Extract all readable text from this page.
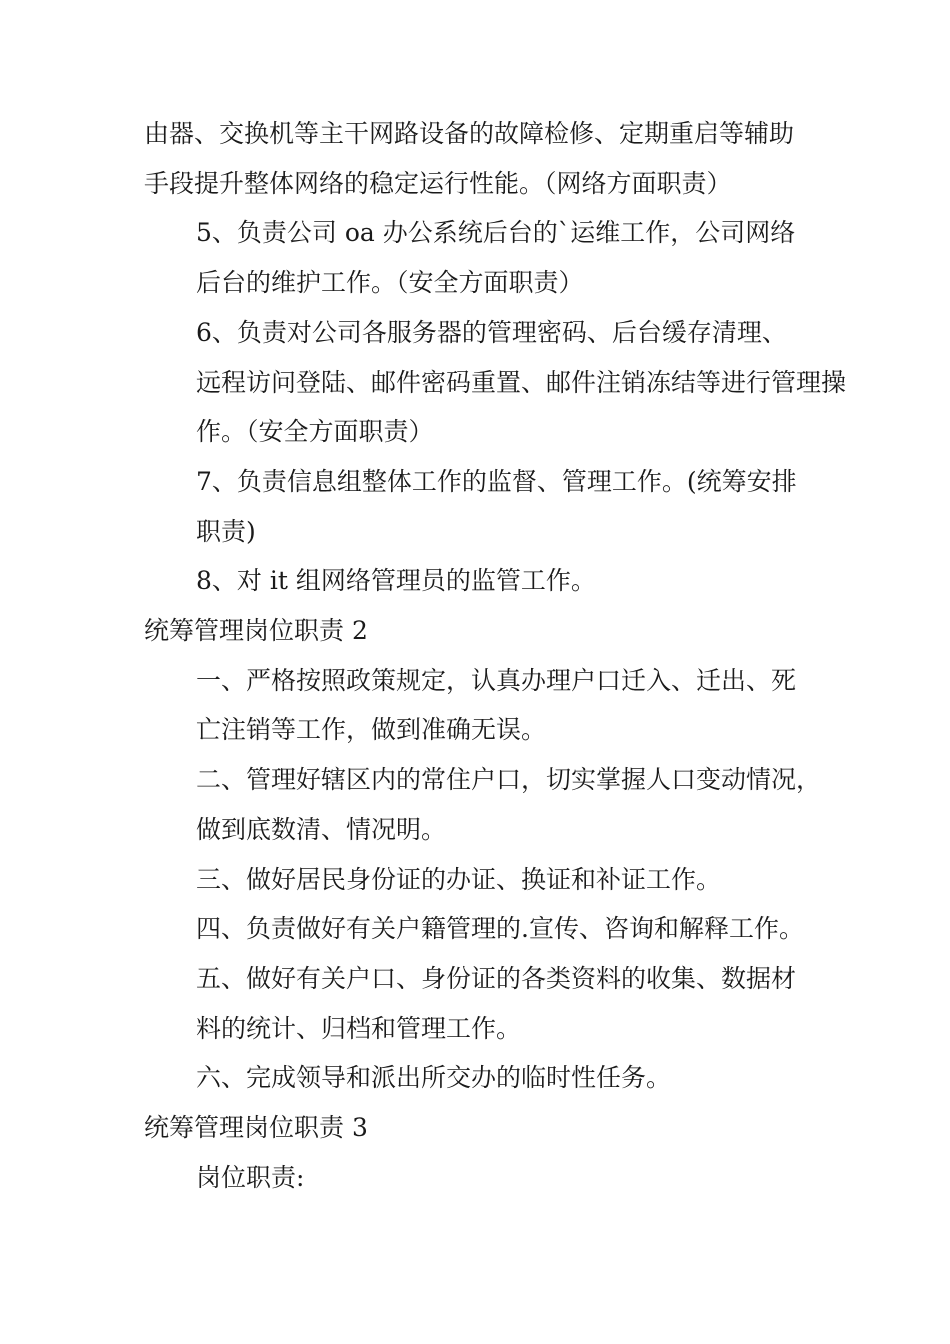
由器、交换机等主干网路设备的故障检修、定期重启等辅助
手段提升整体网络的稳定运行性能。（网络方面职责）
5、负责公司 oa 办公系统后台的`运维工作，公司网络
后台的维护工作。（安全方面职责）
6、负责对公司各服务器的管理密码、后台缓存清理、
远程访问登陆、邮件密码重置、邮件注销冻结等进行管理操
作。（安全方面职责）
7、负责信息组整体工作的监督、管理工作。(统筹安排
职责)
8、对 it 组网络管理员的监管工作。
统筹管理岗位职责 2
一、严格按照政策规定，认真办理户口迁入、迁出、死
亡注销等工作，做到准确无误。
二、管理好辖区内的常住户口，切实掌握人口变动情况，
做到底数清、情况明。
三、做好居民身份证的办证、换证和补证工作。
四、负责做好有关户籍管理的.宣传、咨询和解释工作。
五、做好有关户口、身份证的各类资料的收集、数据材
料的统计、归档和管理工作。
六、完成领导和派出所交办的临时性任务。
统筹管理岗位职责 3
岗位职责:
